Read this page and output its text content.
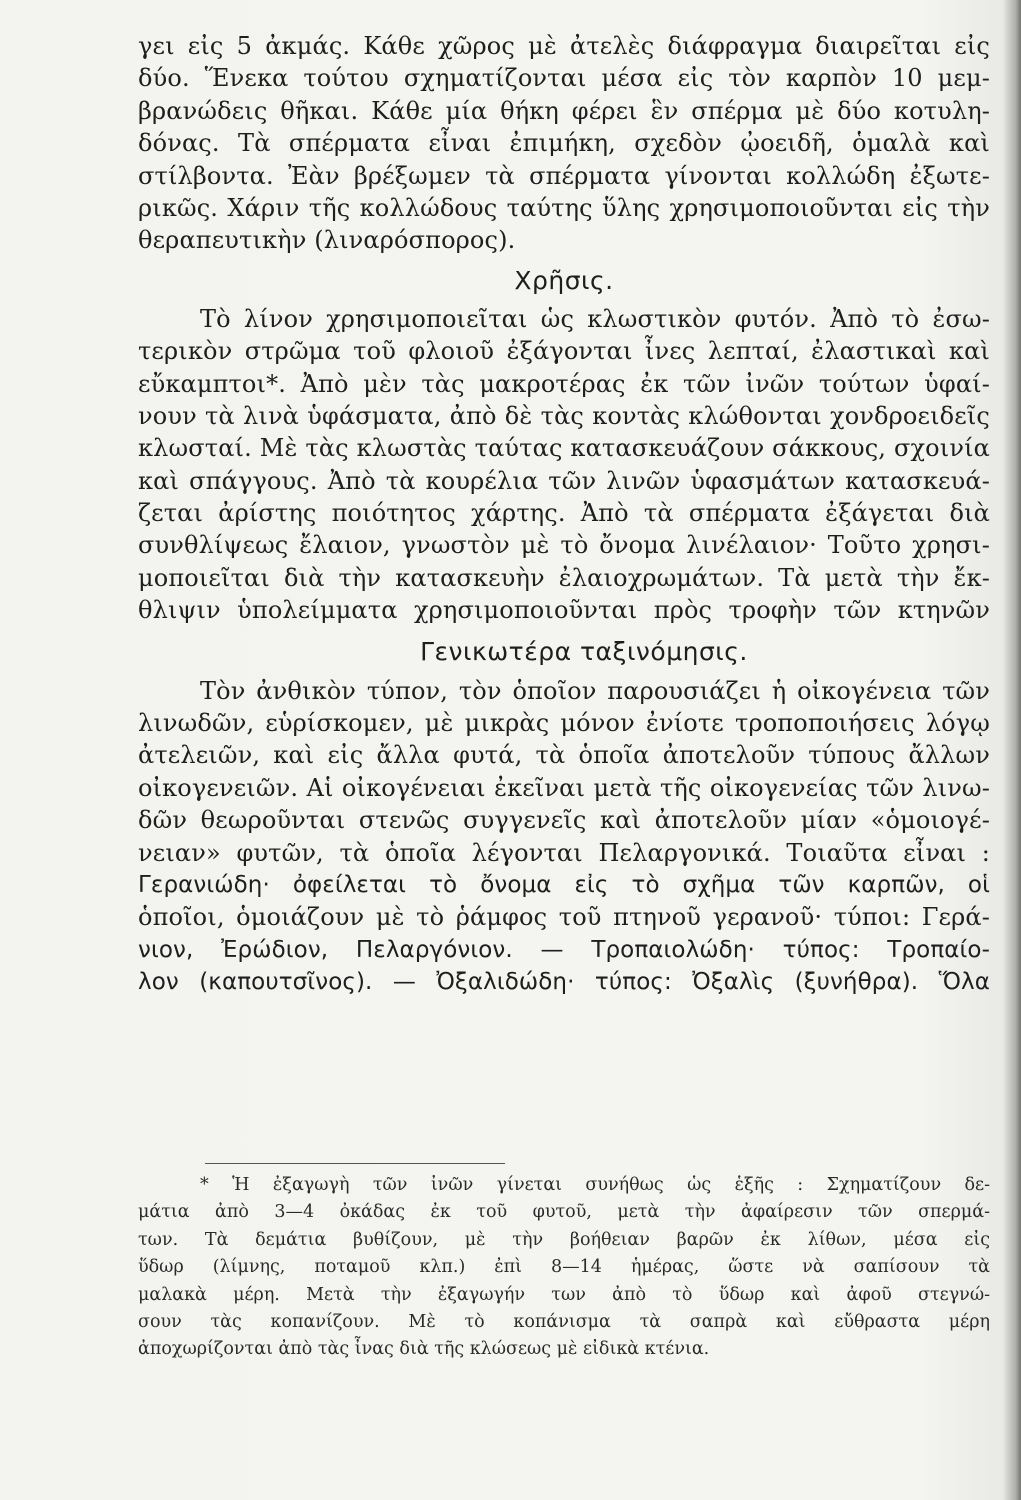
γει εἰς 5 ἀκμάς. Κάθε χῶρος μὲ ἀτελὲς διάφραγμα διαιρεῖται εἰς
δύο. Ἕνεκα τούτου σχηματίζονται μέσα εἰς τὸν καρπὸν 10 μεμ-
βρανώδεις θῆκαι. Κάθε μία θήκη φέρει ἓν σπέρμα μὲ δύο κοτυλη-
δόνας. Τὰ σπέρματα εἶναι ἐπιμήκη, σχεδὸν ᾠοειδῆ, ὁμαλὰ καὶ
στίλβοντα. Ἐὰν βρέξωμεν τὰ σπέρματα γίνονται κολλώδη ἐξωτε-
ρικῶς. Χάριν τῆς κολλώδους ταύτης ὕλης χρησιμοποιοῦνται εἰς τὴν
θεραπευτικὴν (λιναρόσπορος).
Χρῆσις.
Τὸ λίνον χρησιμοποιεῖται ὡς κλωστικὸν φυτόν. Ἀπὸ τὸ ἐσω-
τερικὸν στρῶμα τοῦ φλοιοῦ ἐξάγονται ἶνες λεπταί, ἐλαστικαὶ καὶ
εὔκαμπτοι*. Ἀπὸ μὲν τὰς μακροτέρας ἐκ τῶν ἰνῶν τούτων ὑφαί-
νουν τὰ λινὰ ὑφάσματα, ἀπὸ δὲ τὰς κοντὰς κλώθονται χονδροειδεῖς
κλωσταί. Μὲ τὰς κλωστὰς ταύτας κατασκευάζουν σάκκους, σχοινία
καὶ σπάγγους. Ἀπὸ τὰ κουρέλια τῶν λινῶν ὑφασμάτων κατασκευά-
ζεται ἀρίστης ποιότητος χάρτης. Ἀπὸ τὰ σπέρματα ἐξάγεται διὰ
συνθλίψεως ἔλαιον, γνωστὸν μὲ τὸ ὄνομα λινέλαιον· Τοῦτο χρησι-
μοποιεῖται διὰ τὴν κατασκευὴν ἐλαιοχρωμάτων. Τὰ μετὰ τὴν ἔκ-
θλιψιν ὑπολείμματα χρησιμοποιοῦνται πρὸς τροφὴν τῶν κτηνῶν
Γενικωτέρα ταξινόμησις.
Τὸν ἀνθικὸν τύπον, τὸν ὁποῖον παρουσιάζει ἡ οἰκογένεια τῶν
λινωδῶν, εὑρίσκομεν, μὲ μικρὰς μόνον ἐνίοτε τροποποιήσεις λόγῳ
ἀτελειῶν, καὶ εἰς ἄλλα φυτά, τὰ ὁποῖα ἀποτελοῦν τύπους ἄλλων
οἰκογενειῶν. Αἱ οἰκογένειαι ἐκεῖναι μετὰ τῆς οἰκογενείας τῶν λινω-
δῶν θεωροῦνται στενῶς συγγενεῖς καὶ ἀποτελοῦν μίαν «ὁμοιογέ-
νειαν» φυτῶν, τὰ ὁποῖα λέγονται Πελαργονικά. Τοιαῦτα εἶναι :
Γερανιώδη· ὀφείλεται τὸ ὄνομα εἰς τὸ σχῆμα τῶν καρπῶν, οἱ
ὁποῖοι, ὁμοιάζουν μὲ τὸ ῥάμφος τοῦ πτηνοῦ γερανοῦ· τύποι: Γερά-
νιον, Ἐρώδιον, Πελαργόνιον. — Τροπαιολώδη· τύπος: Τροπαίο-
λον (καπουτσῖνος). — Ὀξαλιδώδη· τύπος: Ὀξαλὶς (ξυνήθρα). Ὅλα
* Ἡ ἐξαγωγὴ τῶν ἰνῶν γίνεται συνήθως ὡς ἑξῆς : Σχηματίζουν δε-
μάτια ἀπὸ 3—4 ὀκάδας ἐκ τοῦ φυτοῦ, μετὰ τὴν ἀφαίρεσιν τῶν σπερμά-
των. Τὰ δεμάτια βυθίζουν, μὲ τὴν βοήθειαν βαρῶν ἐκ λίθων, μέσα εἰς
ὕδωρ (λίμνης, ποταμοῦ κλπ.) ἐπὶ 8—14 ἡμέρας, ὥστε νὰ σαπίσουν τὰ
μαλακὰ μέρη. Μετὰ τὴν ἐξαγωγήν των ἀπὸ τὸ ὕδωρ καὶ ἀφοῦ στεγνώ-
σουν τὰς κοπανίζουν. Μὲ τὸ κοπάνισμα τὰ σαπρὰ καὶ εὔθραστα μέρη
ἀποχωρίζονται ἀπὸ τὰς ἶνας διὰ τῆς κλώσεως μὲ εἰδικὰ κτένια.
